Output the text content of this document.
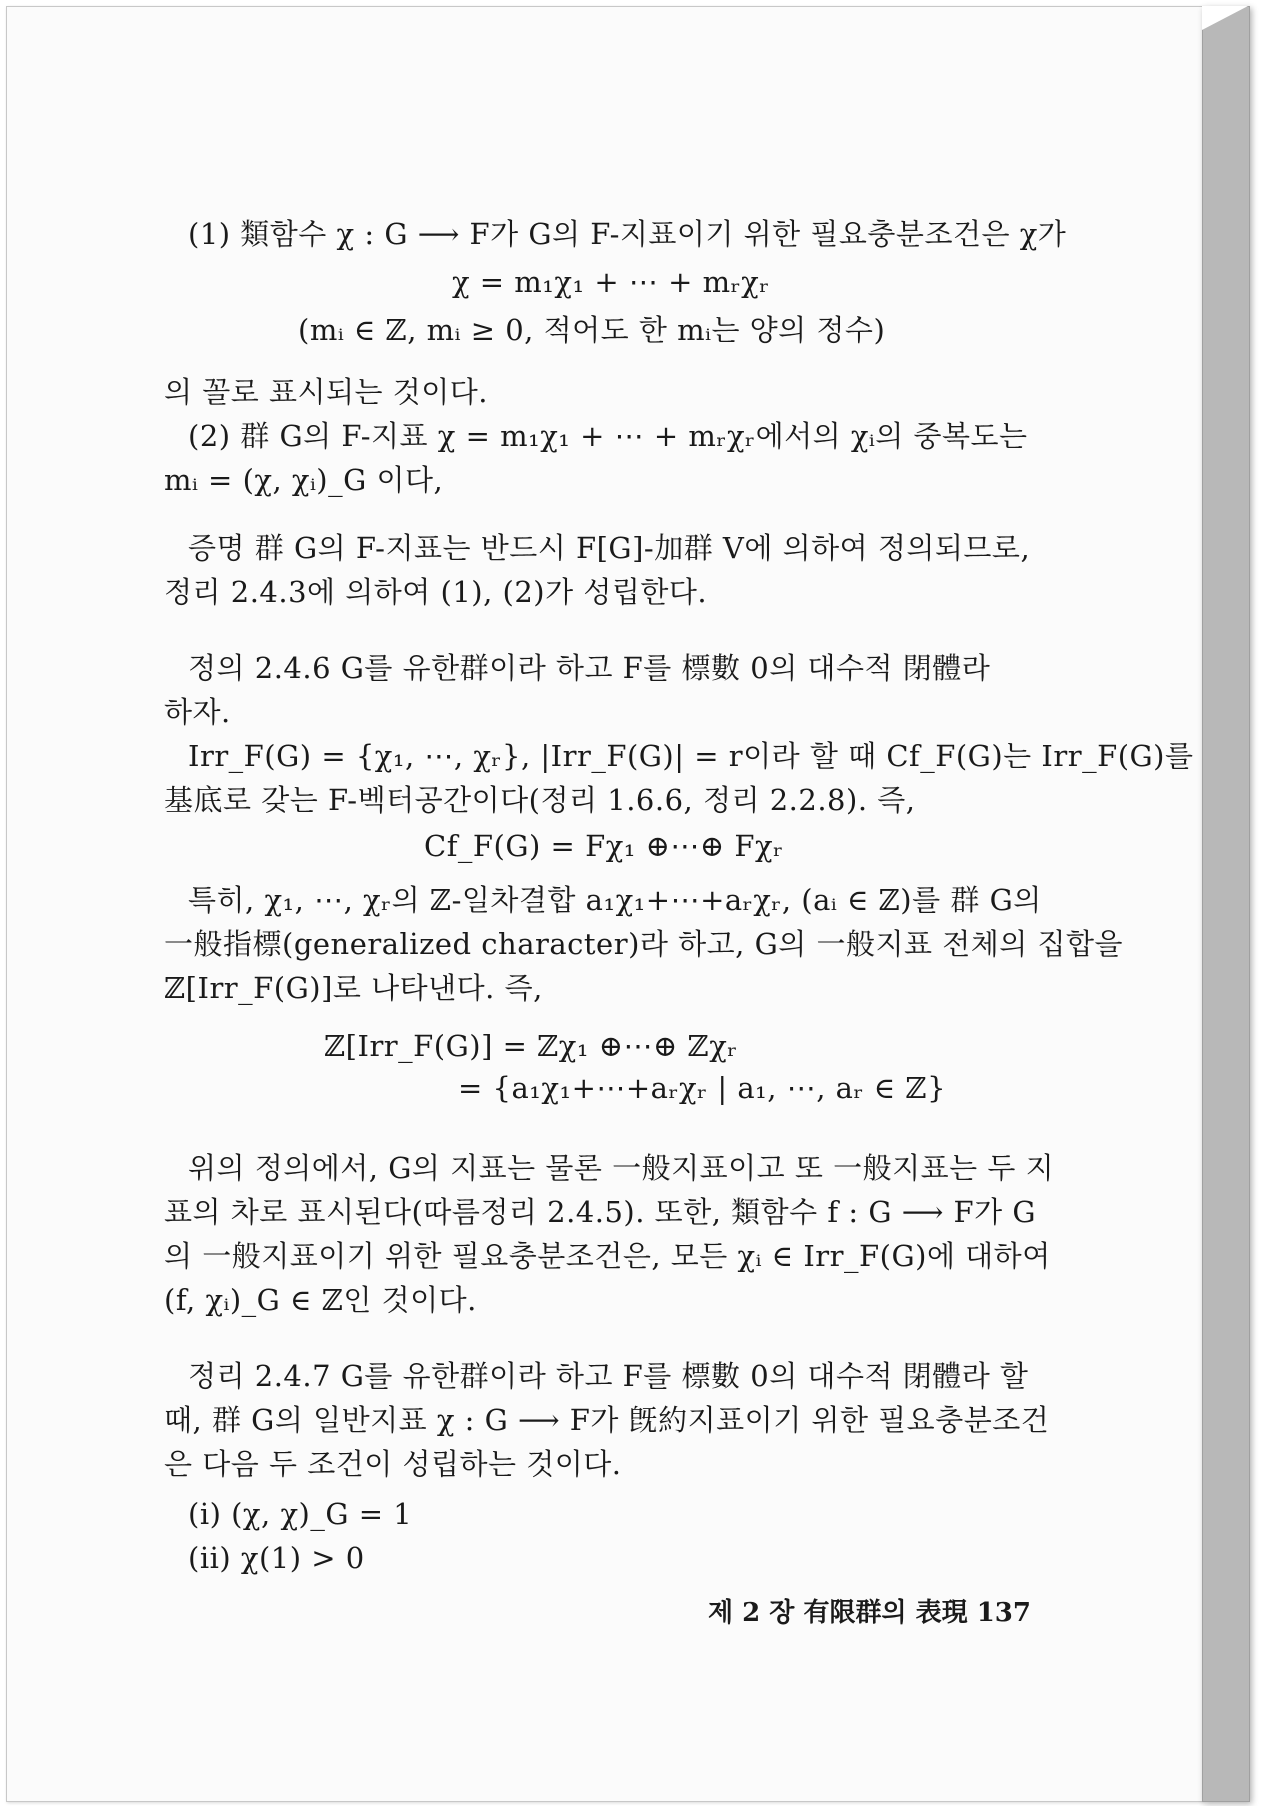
(1) 類함수 χ : G ⟶ F가 G의 F-지표이기 위한 필요충분조건은 χ가
χ = m₁χ₁ + ⋯ + mᵣχᵣ
(mᵢ ∈ ℤ, mᵢ ≥ 0, 적어도 한 mᵢ는 양의 정수)
의 꼴로 표시되는 것이다.
(2) 群 G의 F-지표 χ = m₁χ₁ + ⋯ + mᵣχᵣ에서의 χᵢ의 중복도는
mᵢ = (χ, χᵢ)_G 이다,
증명 群 G의 F-지표는 반드시 F[G]-加群 V에 의하여 정의되므로,
정리 2.4.3에 의하여 (1), (2)가 성립한다.
정의 2.4.6 G를 유한群이라 하고 F를 標數 0의 대수적 閉體라
하자.
Irr_F(G) = {χ₁, ⋯, χᵣ}, |Irr_F(G)| = r이라 할 때 Cf_F(G)는 Irr_F(G)를
基底로 갖는 F-벡터공간이다(정리 1.6.6, 정리 2.2.8). 즉,
Cf_F(G) = Fχ₁ ⊕⋯⊕ Fχᵣ
특히, χ₁, ⋯, χᵣ의 ℤ-일차결합 a₁χ₁+⋯+aᵣχᵣ, (aᵢ ∈ ℤ)를 群 G의
一般指標(generalized character)라 하고, G의 一般지표 전체의 집합을
ℤ[Irr_F(G)]로 나타낸다. 즉,
ℤ[Irr_F(G)] = ℤχ₁ ⊕⋯⊕ ℤχᵣ
= {a₁χ₁+⋯+aᵣχᵣ | a₁, ⋯, aᵣ ∈ ℤ}
위의 정의에서, G의 지표는 물론 一般지표이고 또 一般지표는 두 지
표의 차로 표시된다(따름정리 2.4.5). 또한, 類함수 f : G ⟶ F가 G
의 一般지표이기 위한 필요충분조건은, 모든 χᵢ ∈ Irr_F(G)에 대하여
(f, χᵢ)_G ∈ ℤ인 것이다.
정리 2.4.7 G를 유한群이라 하고 F를 標數 0의 대수적 閉體라 할
때, 群 G의 일반지표 χ : G ⟶ F가 旣約지표이기 위한 필요충분조건
은 다음 두 조건이 성립하는 것이다.
(i) (χ, χ)_G = 1
(ii) χ(1) > 0
제 2 장 有限群의 表現 137
